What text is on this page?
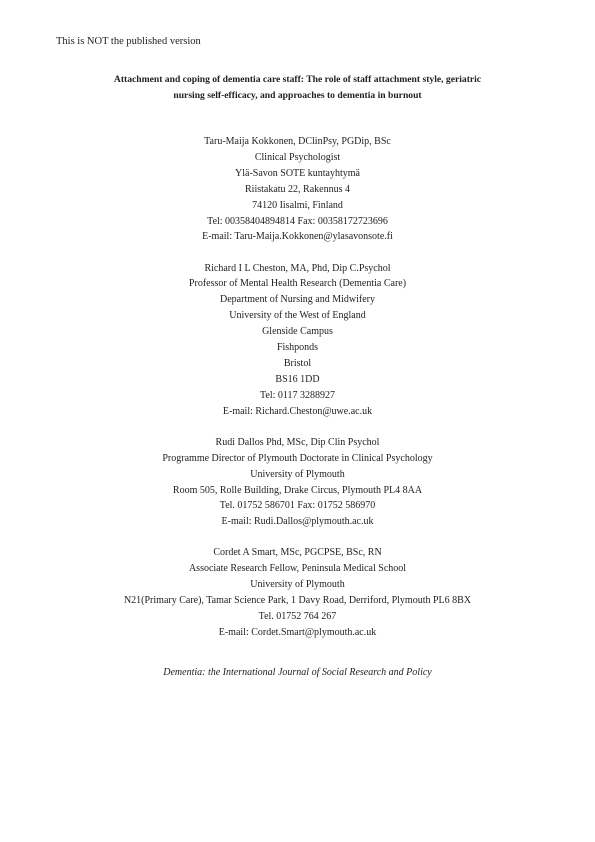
This is NOT the published version
Attachment and coping of dementia care staff: The role of staff attachment style, geriatric
nursing self-efficacy, and approaches to dementia in burnout
Taru-Maija Kokkonen, DClinPsy, PGDip, BSc
Clinical Psychologist
Ylä-Savon SOTE kuntayhtymä
Riistakatu 22, Rakennus 4
74120 Iisalmi, Finland
Tel: 00358404894814 Fax: 00358172723696
E-mail: Taru-Maija.Kokkonen@ylasavonsote.fi
Richard I L Cheston, MA, Phd, Dip C.Psychol
Professor of Mental Health Research (Dementia Care)
Department of Nursing and Midwifery
University of the West of England
Glenside Campus
Fishponds
Bristol
BS16 1DD
Tel: 0117 3288927
E-mail: Richard.Cheston@uwe.ac.uk
Rudi Dallos Phd, MSc, Dip Clin Psychol
Programme Director of Plymouth Doctorate in Clinical Psychology
University of Plymouth
Room 505, Rolle Building, Drake Circus, Plymouth PL4 8AA
Tel. 01752 586701 Fax: 01752 586970
E-mail: Rudi.Dallos@plymouth.ac.uk
Cordet A Smart, MSc, PGCPSE, BSc, RN
Associate Research Fellow, Peninsula Medical School
University of Plymouth
N21(Primary Care), Tamar Science Park, 1 Davy Road, Derriford, Plymouth PL6 8BX
Tel. 01752 764 267
E-mail: Cordet.Smart@plymouth.ac.uk
Dementia: the International Journal of Social Research and Policy
